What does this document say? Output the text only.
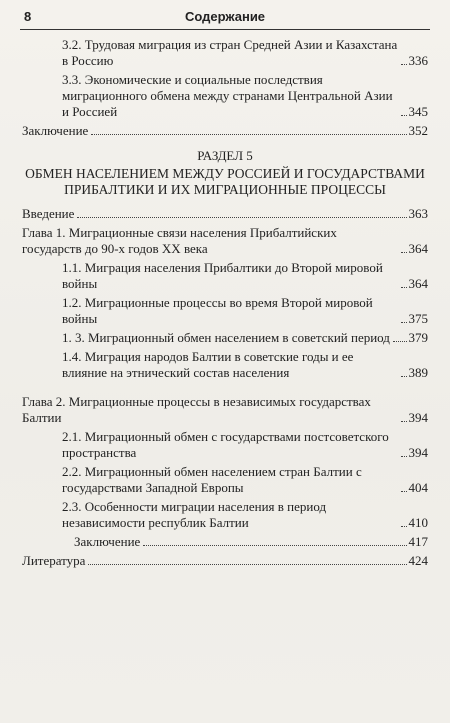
8	Содержание
3.2. Трудовая миграция из стран Средней Азии и Казахстана в Россию	336
3.3. Экономические и социальные последствия миграционного обмена между странами Центральной Азии и Россией	345
Заключение	352
РАЗДЕЛ 5
ОБМЕН НАСЕЛЕНИЕМ МЕЖДУ РОССИЕЙ И ГОСУДАРСТВАМИ ПРИБАЛТИКИ И ИХ МИГРАЦИОННЫЕ ПРОЦЕССЫ
Введение	363
Глава 1. Миграционные связи населения Прибалтийских государств до 90-х годов XX века	364
1.1. Миграция населения Прибалтики до Второй мировой войны	364
1.2. Миграционные процессы во время Второй мировой войны	375
1. 3. Миграционный обмен населением в советский период 379
1.4. Миграция народов Балтии в советские годы и ее влияние на этнический состав населения	389
Глава 2. Миграционные процессы в независимых государствах Балтии	394
2.1. Миграционный обмен с государствами постсоветского пространства	394
2.2. Миграционный обмен населением стран Балтии с государствами Западной Европы	404
2.3. Особенности миграции населения в период независимости республик Балтии	410
Заключение	417
Литература	424
